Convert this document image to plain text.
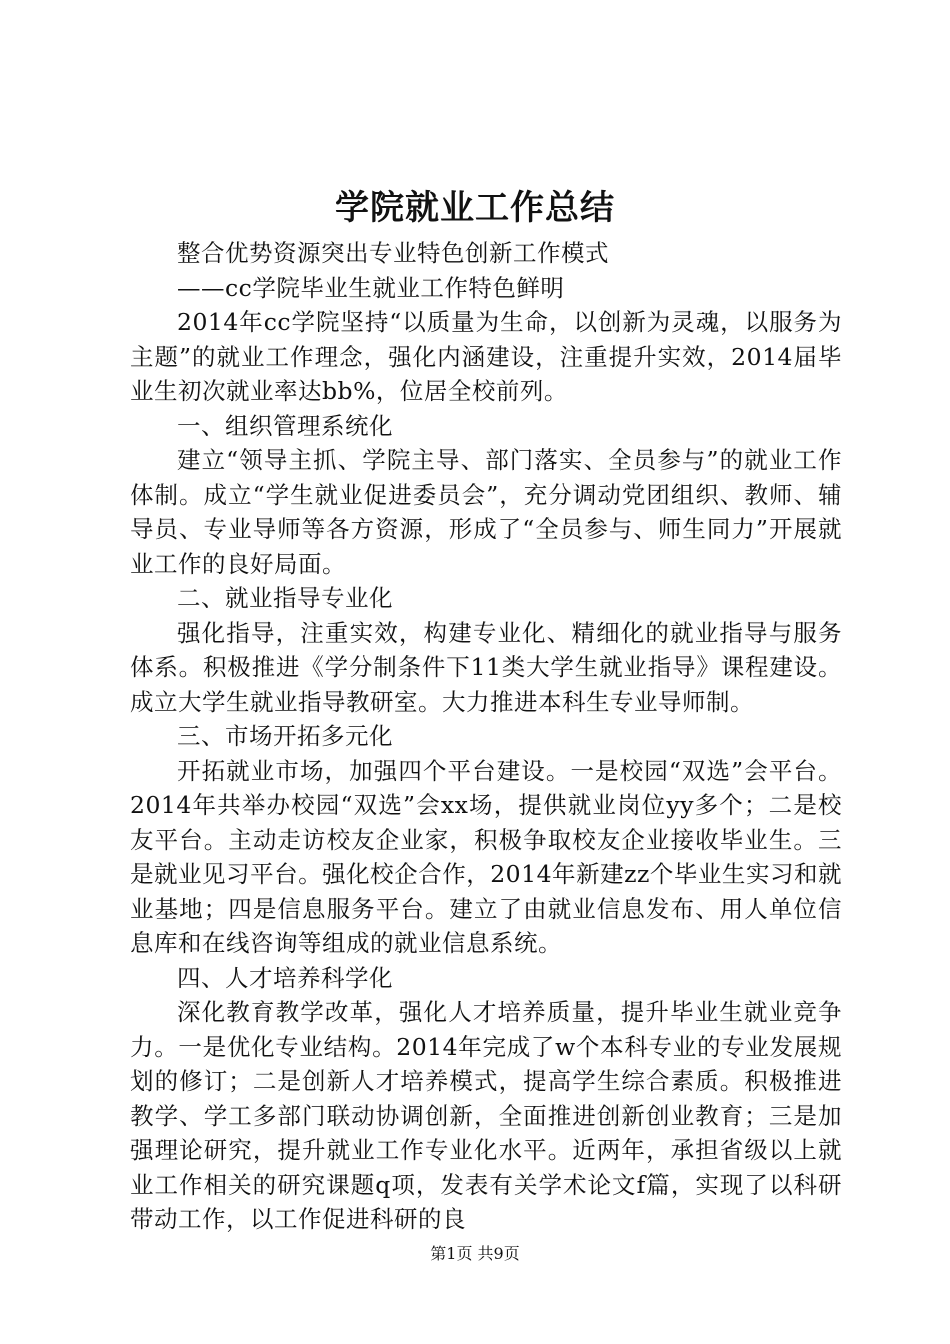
学院就业工作总结

整合优势资源突出专业特色创新工作模式

——cc学院毕业生就业工作特色鲜明

2014年cc学院坚持“以质量为生命，以创新为灵魂，以服务为主题”的就业工作理念，强化内涵建设，注重提升实效，2014届毕业生初次就业率达bb%，位居全校前列。

一、组织管理系统化

建立“领导主抓、学院主导、部门落实、全员参与”的就业工作体制。成立“学生就业促进委员会”，充分调动党团组织、教师、辅导员、专业导师等各方资源，形成了“全员参与、师生同力”开展就业工作的良好局面。

二、就业指导专业化

强化指导，注重实效，构建专业化、精细化的就业指导与服务体系。积极推进《学分制条件下11类大学生就业指导》课程建设。成立大学生就业指导教研室。大力推进本科生专业导师制。

三、市场开拓多元化

开拓就业市场，加强四个平台建设。一是校园“双选”会平台。2014年共举办校园“双选”会xx场，提供就业岗位yy多个；二是校友平台。主动走访校友企业家，积极争取校友企业接收毕业生。三是就业见习平台。强化校企合作，2014年新建zz个毕业生实习和就业基地；四是信息服务平台。建立了由就业信息发布、用人单位信息库和在线咨询等组成的就业信息系统。

四、人才培养科学化

深化教育教学改革，强化人才培养质量，提升毕业生就业竞争力。一是优化专业结构。2014年完成了w个本科专业的专业发展规划的修订；二是创新人才培养模式，提高学生综合素质。积极推进教学、学工多部门联动协调创新，全面推进创新创业教育；三是加强理论研究，提升就业工作专业化水平。近两年，承担省级以上就业工作相关的研究课题q项，发表有关学术论文f篇，实现了以科研带动工作，以工作促进科研的良

第1页 共9页
